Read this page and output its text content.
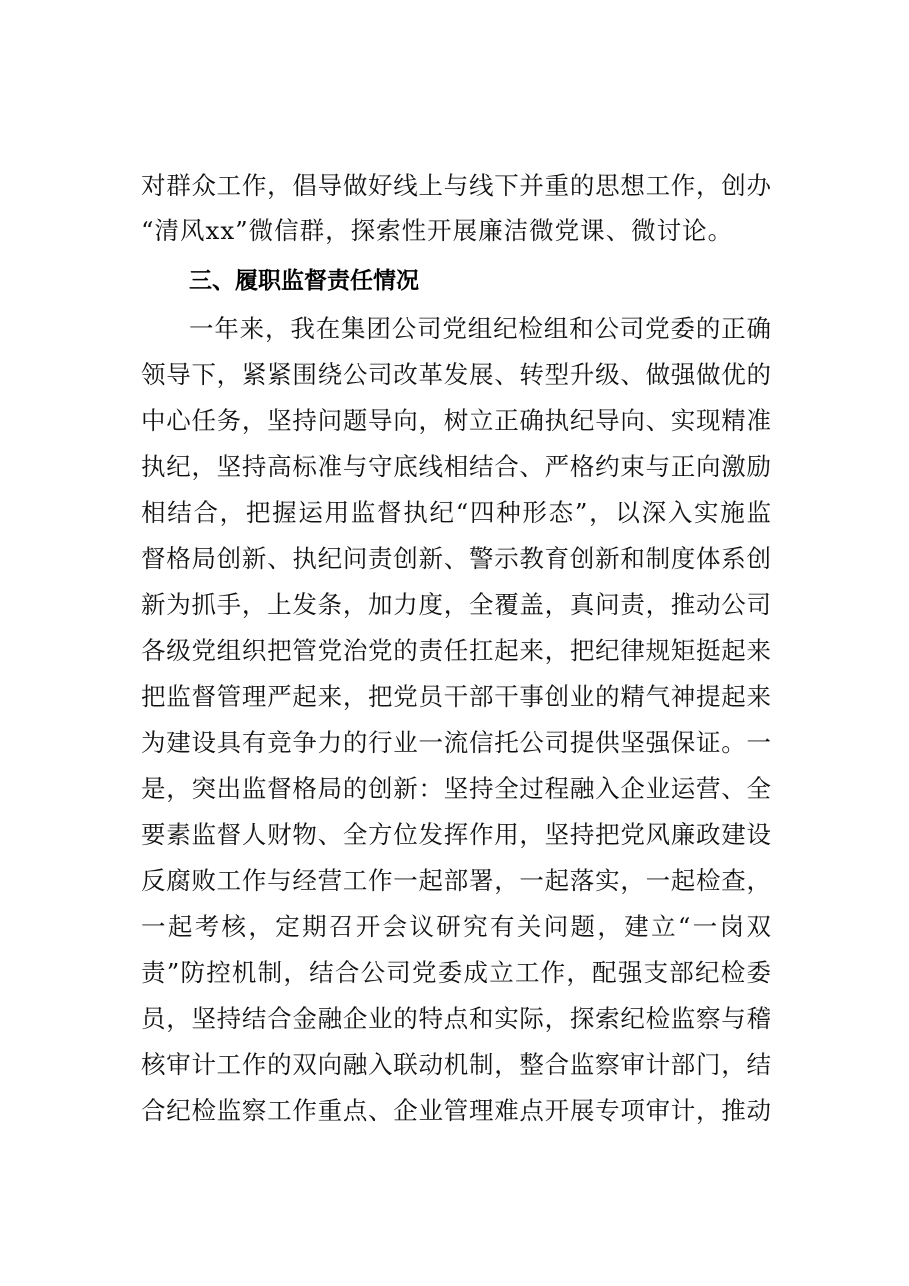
对群众工作，倡导做好线上与线下并重的思想工作，创办
“清风xx”微信群，探索性开展廉洁微党课、微讨论。
三、履职监督责任情况
一年来，我在集团公司党组纪检组和公司党委的正确
领导下，紧紧围绕公司改革发展、转型升级、做强做优的
中心任务，坚持问题导向，树立正确执纪导向、实现精准
执纪，坚持高标准与守底线相结合、严格约束与正向激励
相结合，把握运用监督执纪“四种形态”，以深入实施监
督格局创新、执纪问责创新、警示教育创新和制度体系创
新为抓手，上发条，加力度，全覆盖，真问责，推动公司
各级党组织把管党治党的责任扛起来，把纪律规矩挺起来
把监督管理严起来，把党员干部干事创业的精气神提起来
为建设具有竞争力的行业一流信托公司提供坚强保证。一
是，突出监督格局的创新：坚持全过程融入企业运营、全
要素监督人财物、全方位发挥作用，坚持把党风廉政建设
反腐败工作与经营工作一起部署，一起落实，一起检查，
一起考核，定期召开会议研究有关问题，建立“一岗双
责”防控机制，结合公司党委成立工作，配强支部纪检委
员，坚持结合金融企业的特点和实际，探索纪检监察与稽
核审计工作的双向融入联动机制，整合监察审计部门，结
合纪检监察工作重点、企业管理难点开展专项审计，推动
